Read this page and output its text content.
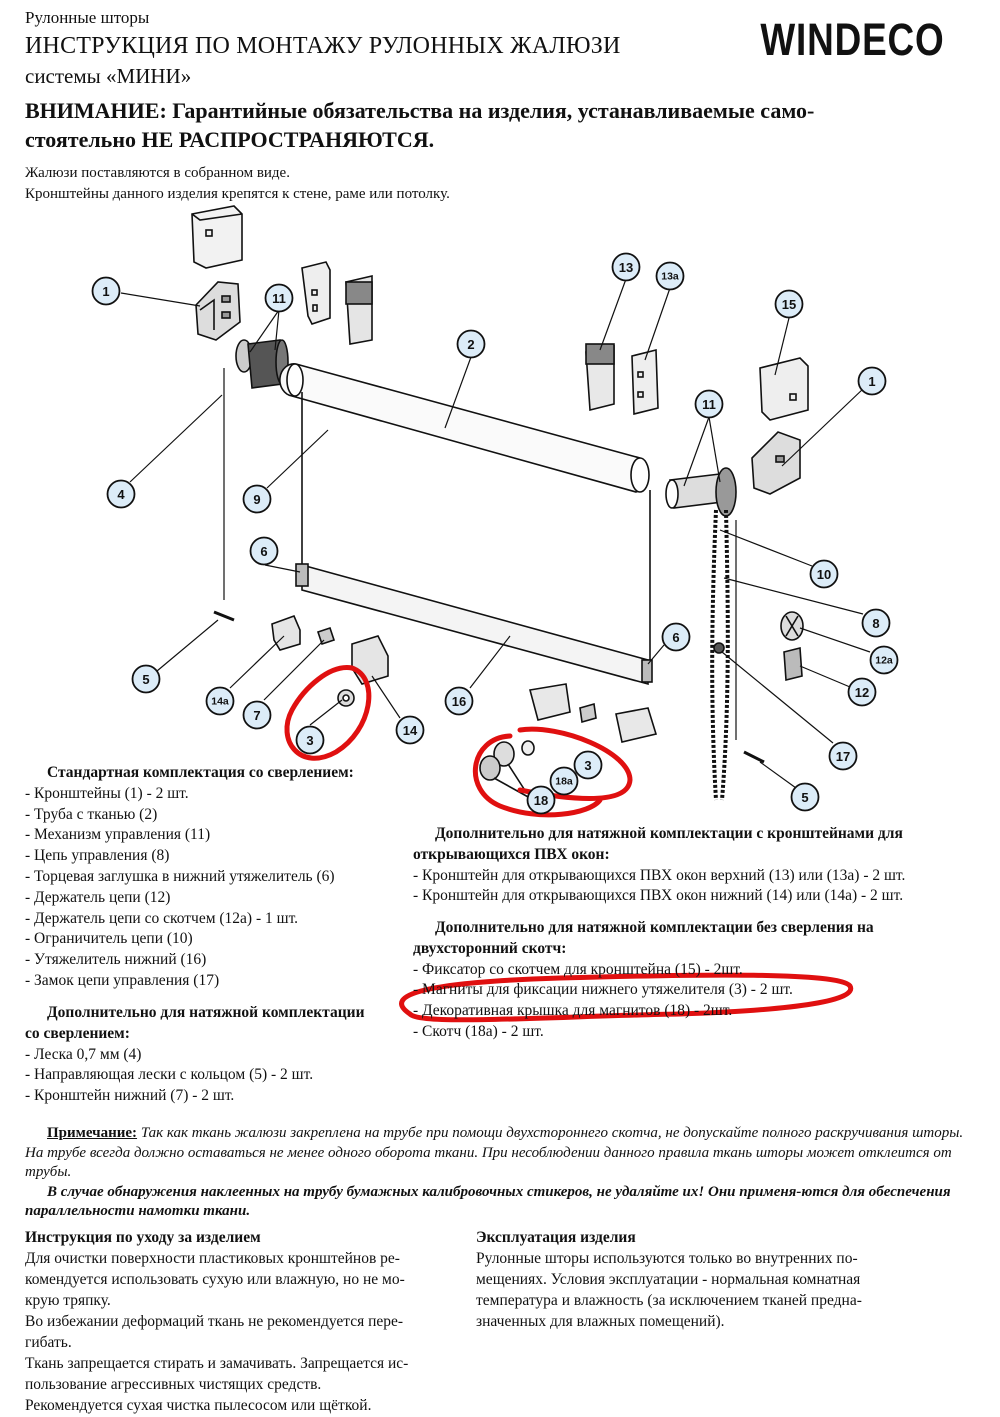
Рулонные шторы
ИНСТРУКЦИЯ ПО МОНТАЖУ РУЛОННЫХ ЖАЛЮЗИ
системы «МИНИ»
WINDECO
ВНИМАНИЕ: Гарантийные обязательства на изделия, устанавливаемые само-
стоятельно НЕ РАСПРОСТРАНЯЮТСЯ.
Жалюзи поставляются в собранном виде.
Кронштейны данного изделия крепятся к стене, раме или потолку.
1	11
13
13а
15
1
2
11
4	9
6
10
8
12а
12
6
5
14а
7
3
14
16
17
5
3
18а
18
Стандартная комплектация со сверлением:
- Кронштейны (1) - 2 шт.
- Труба с тканью (2)
- Механизм управления (11)
- Цепь управления (8)
- Торцевая заглушка в нижний утяжелитель (6)
- Держатель цепи (12)
- Держатель цепи со скотчем (12а) - 1 шт.
- Ограничитель цепи (10)
- Утяжелитель нижний (16)
- Замок цепи управления (17)
Дополнительно для натяжной комплектации
со сверлением:
- Леска 0,7 мм (4)
- Направляющая лески с кольцом (5) - 2 шт.
- Кронштейн нижний (7) - 2 шт.
Дополнительно для натяжной комплектации с кронштейнами для
открывающихся ПВХ окон:
- Кронштейн для открывающихся ПВХ окон верхний (13) или (13а) - 2 шт.
- Кронштейн для открывающихся ПВХ окон нижний (14) или (14а) - 2 шт.
Дополнительно для натяжной комплектации без сверления на
двухсторонний скотч:
- Фиксатор со скотчем для кронштейна (15) - 2шт.
- Магниты для фиксации нижнего утяжелителя (3) - 2 шт.
- Декоративная крышка для магнитов (18) - 2шт.
- Скотч (18а) - 2 шт.
Примечание: Так как ткань жалюзи закреплена на трубе при помощи двухстороннего скотча, не допускайте полного раскручивания шторы. На трубе всегда должно оставаться не менее одного оборота ткани. При несоблюдении данного правила ткань шторы может отклеится от трубы.
В случае обнаружения наклеенных на трубу бумажных калибровочных стикеров, не удаляйте их! Они применя-ются для обеспечения параллельности намотки ткани.
Инструкция по уходу за изделием
Для очистки поверхности пластиковых кронштейнов ре-
комендуется использовать сухую или влажную, но не мо-
крую тряпку.
Во избежании деформаций ткань не рекомендуется пере-
гибать.
Ткань запрещается стирать и замачивать. Запрещается ис-
пользование агрессивных чистящих средств.
Рекомендуется сухая чистка пылесосом или щёткой.
Эксплуатация изделия
Рулонные шторы используются только во внутренних по-
мещениях. Условия эксплуатации - нормальная комнатная
температура и влажность (за исключением тканей предна-
значенных для влажных помещений).
